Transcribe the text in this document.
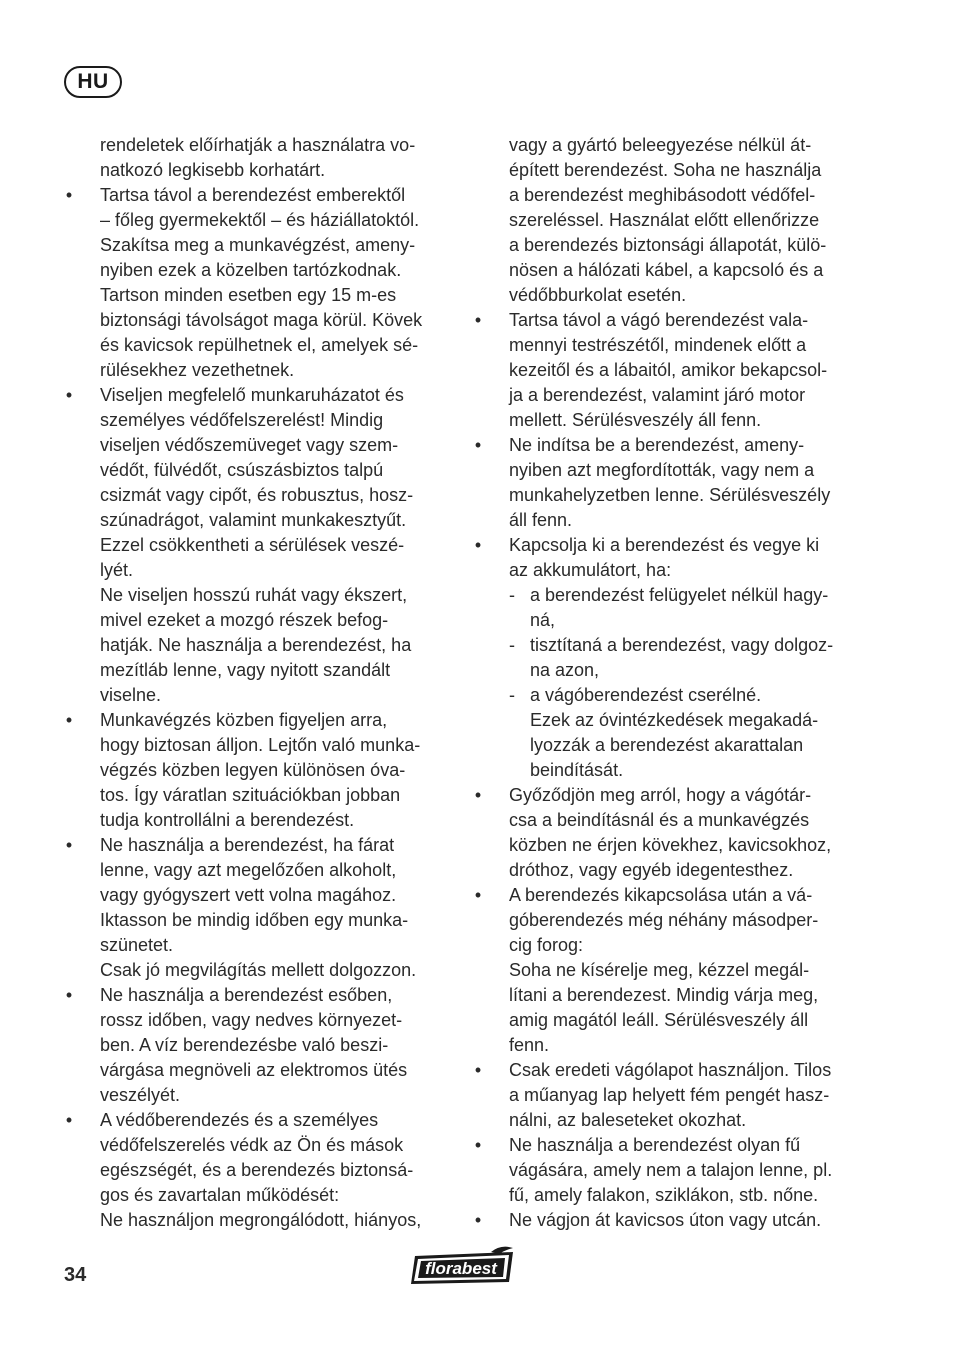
HU
rendeletek előírhatják a használatra vo-
natkozó legkisebb korhatárt.
• Tartsa távol a berendezést emberektől
– főleg gyermekektől – és háziállatoktól.
Szakítsa meg a munkavégzést, ameny-
nyiben ezek a közelben tartózkodnak.
Tartson minden esetben egy 15 m-es
biztonsági távolságot maga körül. Kövek
és kavicsok repülhetnek el, amelyek sé-
rülésekhez vezethetnek.
• Viseljen megfelelő munkaruházatot és
személyes védőfelszerelést! Mindig
viseljen védőszemüveget vagy szem-
védőt, fülvédőt, csúszásbiztos talpú
csizmát vagy cipőt, és robusztus, hosz-
szúnadrágot, valamint munkakesztyűt.
Ezzel csökkentheti a sérülések veszé-
lyét.
Ne viseljen hosszú ruhát vagy ékszert,
mivel ezeket a mozgó részek befog-
hatják. Ne használja a berendezést, ha
mezítláb lenne, vagy nyitott szandált
viselne.
• Munkavégzés közben figyeljen arra,
hogy biztosan álljon. Lejtőn való munka-
végzés közben legyen különösen óva-
tos. Így váratlan szituációkban jobban
tudja kontrollálni a berendezést.
• Ne használja a berendezést, ha fárat
lenne, vagy azt megelőzően alkoholt,
vagy gyógyszert vett volna magához.
Iktasson be mindig időben egy munka-
szünetet.
Csak jó megvilágítás mellett dolgozzon.
• Ne használja a berendezést esőben,
rossz időben, vagy nedves környezet-
ben. A víz berendezésbe való beszi-
várgása megnöveli az elektromos ütés
veszélyét.
• A védőberendezés és a személyes
védőfelszerelés védk az Ön és mások
egészségét, és a berendezés biztonsá-
gos és zavartalan működését:
Ne használjon megrongálódott, hiányos,
vagy a gyártó beleegyezése nélkül át-
épített berendezést. Soha ne használja
a berendezést meghibásodott védőfel-
szereléssel. Használat előtt ellenőrizze
a berendezés biztonsági állapotát, külö-
nösen a hálózati kábel, a kapcsoló és a
védőbburkolat esetén.
• Tartsa távol a vágó berendezést vala-
mennyi testrészétől, mindenek előtt a
kezeitől és a lábaitól, amikor bekapcsol-
ja a berendezést, valamint járó motor
mellett. Sérülésveszély áll fenn.
• Ne indítsa be a berendezést, ameny-
nyiben azt megfordították, vagy nem a
munkahelyzetben lenne. Sérülésveszély
áll fenn.
• Kapcsolja ki a berendezést és vegye ki
az akkumulátort, ha:
- a berendezést felügyelet nélkül hagy-
ná,
- tisztítaná a berendezést, vagy dolgoz-
na azon,
- a vágóberendezést cserélné.
Ezek az óvintézkedések megakadá-
lyozzák a berendezést akarattalan
beindítását.
• Győződjön meg arról, hogy a vágótár-
csa a beindításnál és a munkavégzés
közben ne érjen kövekhez, kavicsokhoz,
dróthoz, vagy egyéb idegentesthez.
• A berendezés kikapcsolása után a vá-
góberendezés még néhány másodper-
cig forog:
Soha ne kísérelje meg, kézzel megál-
lítani a berendezest. Mindig várja meg,
amig magától leáll. Sérülésveszély áll
fenn.
• Csak eredeti vágólapot használjon. Tilos
a műanyag lap helyett fém pengét hasz-
nálni, az baleseteket okozhat.
• Ne használja a berendezést olyan fű
vágására, amely nem a talajon lenne, pl.
fű, amely falakon, sziklákon, stb. nőne.
• Ne vágjon át kavicsos úton vagy utcán.
34	florabest
